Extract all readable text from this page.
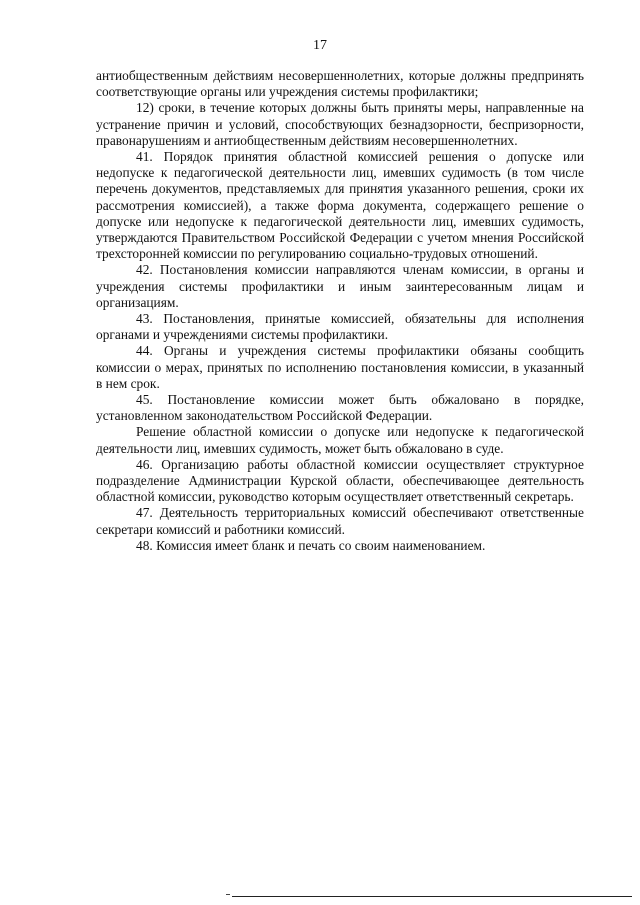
17

антиобщественным действиям несовершеннолетних, которые должны предпринять соответствующие органы или учреждения системы профилактики;

12) сроки, в течение которых должны быть приняты меры, направленные на устранение причин и условий, способствующих безнадзорности, беспризорности, правонарушениям и антиобщественным действиям несовершеннолетних.

41. Порядок принятия областной комиссией решения о допуске или недопуске к педагогической деятельности лиц, имевших судимость (в том числе перечень документов, представляемых для принятия указанного решения, сроки их рассмотрения комиссией), а также форма документа, содержащего решение о допуске или недопуске к педагогической деятельности лиц, имевших судимость, утверждаются Правительством Российской Федерации с учетом мнения Российской трехсторонней комиссии по регулированию социально-трудовых отношений.

42. Постановления комиссии направляются членам комиссии, в органы и учреждения системы профилактики и иным заинтересованным лицам и организациям.

43. Постановления, принятые комиссией, обязательны для исполнения органами и учреждениями системы профилактики.

44. Органы и учреждения системы профилактики обязаны сообщить комиссии о мерах, принятых по исполнению постановления комиссии, в указанный в нем срок.

45. Постановление комиссии может быть обжаловано в порядке, установленном законодательством Российской Федерации.

Решение областной комиссии о допуске или недопуске к педагогической деятельности лиц, имевших судимость, может быть обжаловано в суде.

46. Организацию работы областной комиссии осуществляет структурное подразделение Администрации Курской области, обеспечивающее деятельность областной комиссии, руководство которым осуществляет ответственный секретарь.

47. Деятельность территориальных комиссий обеспечивают ответственные секретари комиссий и работники комиссий.

48. Комиссия имеет бланк и печать со своим наименованием.
